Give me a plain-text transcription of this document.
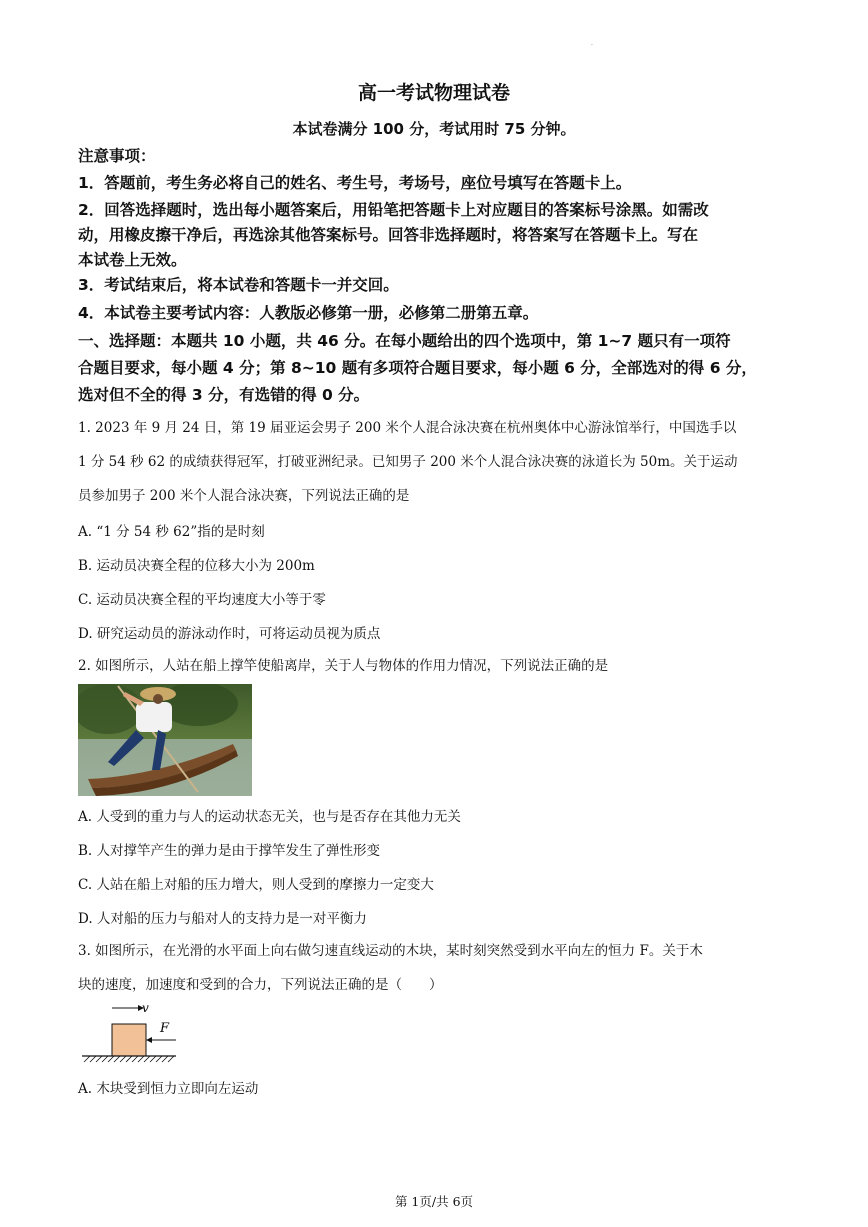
.
高一考试物理试卷
本试卷满分 100 分，考试用时 75 分钟。
注意事项：
1．答题前，考生务必将自己的姓名、考生号，考场号，座位号填写在答题卡上。
2．回答选择题时，选出每小题答案后，用铅笔把答题卡上对应题目的答案标号涂黑。如需改
动，用橡皮擦干净后，再选涂其他答案标号。回答非选择题时，将答案写在答题卡上。写在
本试卷上无效。
3．考试结束后，将本试卷和答题卡一并交回。
4．本试卷主要考试内容：人教版必修第一册，必修第二册第五章。
一、选择题：本题共 10 小题，共 46 分。在每小题给出的四个选项中，第 1~7 题只有一项符
合题目要求，每小题 4 分；第 8~10 题有多项符合题目要求，每小题 6 分，全部选对的得 6 分，
选对但不全的得 3 分，有选错的得 0 分。
1. 2023 年 9 月 24 日，第 19 届亚运会男子 200 米个人混合泳决赛在杭州奥体中心游泳馆举行，中国选手以
1 分 54 秒 62 的成绩获得冠军，打破亚洲纪录。已知男子 200 米个人混合泳决赛的泳道长为 50m。关于运动
员参加男子 200 米个人混合泳决赛，下列说法正确的是
A. “1 分 54 秒 62”指的是时刻
B. 运动员决赛全程的位移大小为 200m
C. 运动员决赛全程的平均速度大小等于零
D. 研究运动员的游泳动作时，可将运动员视为质点
2. 如图所示，人站在船上撑竿使船离岸，关于人与物体的作用力情况，下列说法正确的是
A. 人受到的重力与人的运动状态无关，也与是否存在其他力无关
B. 人对撑竿产生的弹力是由于撑竿发生了弹性形变
C. 人站在船上对船的压力增大，则人受到的摩擦力一定变大
D. 人对船的压力与船对人的支持力是一对平衡力
3. 如图所示，在光滑的水平面上向右做匀速直线运动的木块，某时刻突然受到水平向左的恒力 F。关于木
块的速度，加速度和受到的合力，下列说法正确的是（　　）
v
F
A. 木块受到恒力立即向左运动
第 1页/共 6页
